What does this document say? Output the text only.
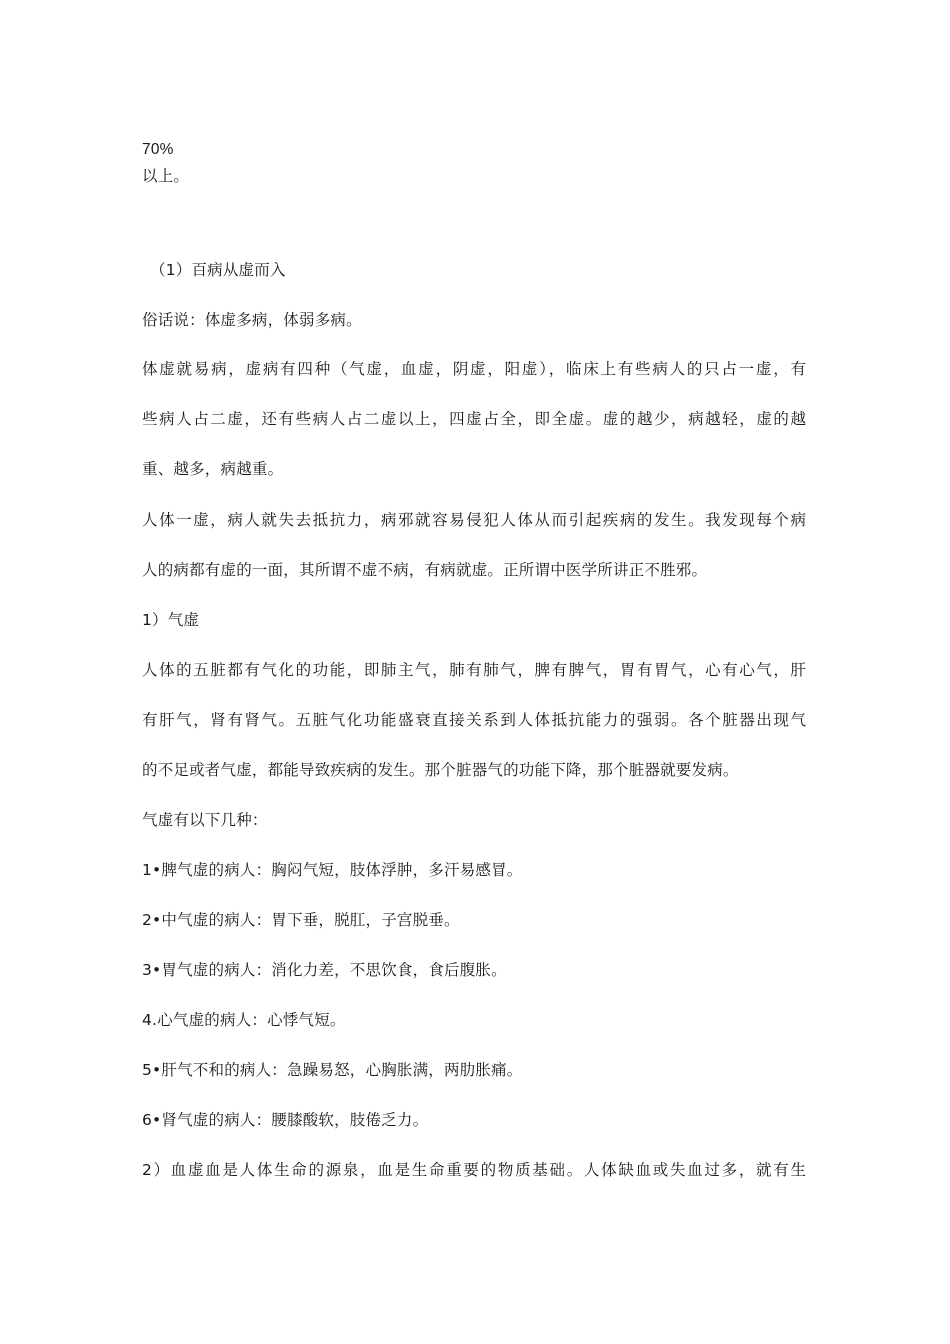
70%
以上。
（1）百病从虚而入
俗话说：体虚多病，体弱多病。
体虚就易病，虚病有四种（气虚，血虚，阴虚，阳虚），临床上有些病人的只占一虚，有
些病人占二虚，还有些病人占二虚以上，四虚占全，即全虚。虚的越少，病越轻，虚的越
重、越多，病越重。
人体一虚，病人就失去抵抗力，病邪就容易侵犯人体从而引起疾病的发生。我发现每个病
人的病都有虚的一面，其所谓不虚不病，有病就虚。正所谓中医学所讲正不胜邪。
1）气虚
人体的五脏都有气化的功能，即肺主气，肺有肺气，脾有脾气，胃有胃气，心有心气，肝
有肝气，肾有肾气。五脏气化功能盛衰直接关系到人体抵抗能力的强弱。各个脏器出现气
的不足或者气虚，都能导致疾病的发生。那个脏器气的功能下降，那个脏器就要发病。
气虚有以下几种：
1•脾气虚的病人：胸闷气短，肢体浮肿，多汗易感冒。
2•中气虚的病人：胃下垂，脱肛，子宫脱垂。
3•胃气虚的病人：消化力差，不思饮食，食后腹胀。
4.心气虚的病人：心悸气短。
5•肝气不和的病人：急躁易怒，心胸胀满，两肋胀痛。
6•肾气虚的病人：腰膝酸软，肢倦乏力。
2）血虚血是人体生命的源泉，血是生命重要的物质基础。人体缺血或失血过多，就有生
